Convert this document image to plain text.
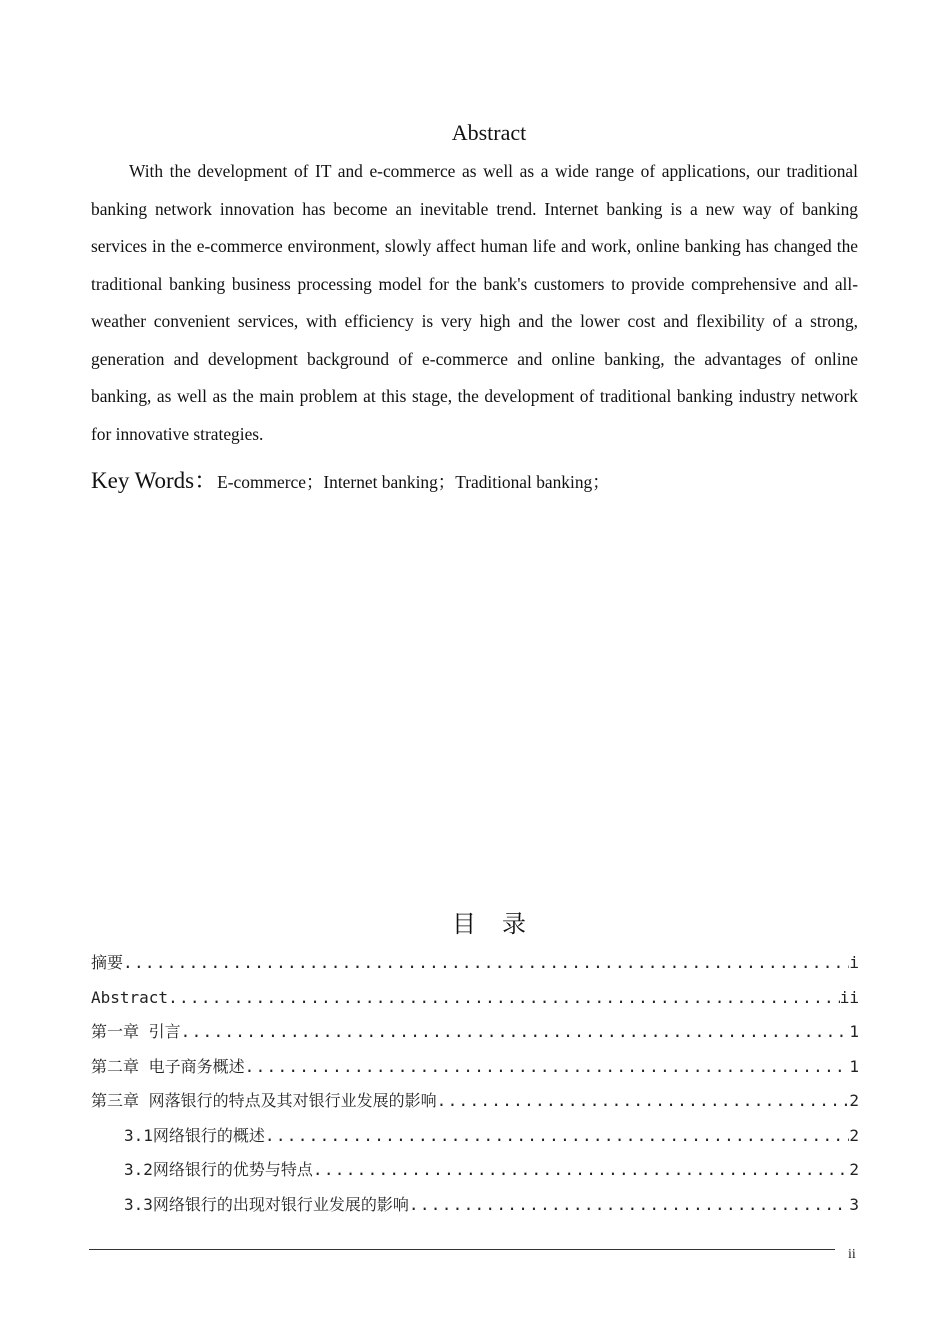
Abstract

With the development of IT and e-commerce as well as a wide range of applications, our traditional banking network innovation has become an inevitable trend. Internet banking is a new way of banking services in the e-commerce environment, slowly affect human life and work, online banking has changed the traditional banking business processing model for the bank's customers to provide comprehensive and all-weather convenient services, with efficiency is very high and the lower cost and flexibility of a strong, generation and development background of e-commerce and online banking, the advantages of online banking, as well as the main problem at this stage, the development of traditional banking industry network for innovative strategies.

Key Words：E-commerce；Internet banking；Traditional banking；
目录
摘要 .....	i
Abstract .....	ii
第一章 引言 .....	1
第二章 电子商务概述 .....	1
第三章 网落银行的特点及其对银行业发展的影响 .....	2
3.1网络银行的概述 .....	2
3.2网络银行的优势与特点 .....	2
3.3网络银行的出现对银行业发展的影响 .....	3
ii
